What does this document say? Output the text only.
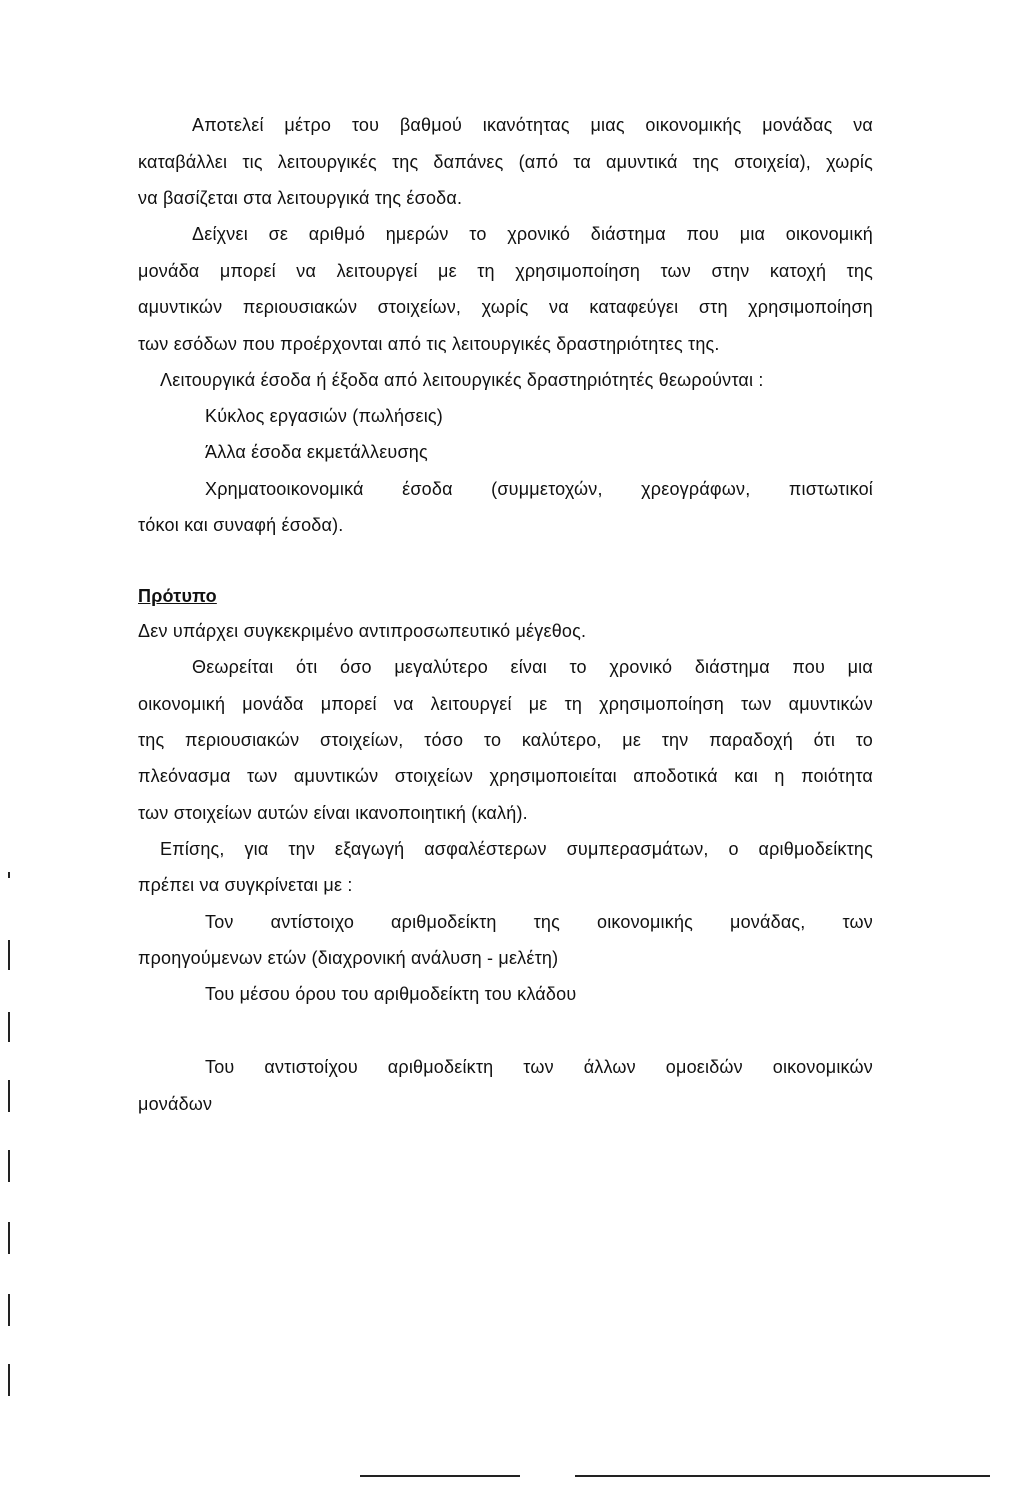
Αποτελεί μέτρο του βαθμού ικανότητας μιας οικονομικής μονάδας να
καταβάλλει τις λειτουργικές της δαπάνες (από τα αμυντικά της στοιχεία), χωρίς
να βασίζεται στα λειτουργικά της έσοδα.
Δείχνει σε αριθμό ημερών το χρονικό διάστημα που μια οικονομική
μονάδα μπορεί να λειτουργεί με τη χρησιμοποίηση των στην κατοχή της
αμυντικών περιουσιακών στοιχείων, χωρίς να καταφεύγει στη χρησιμοποίηση
των εσόδων που προέρχονται από τις λειτουργικές δραστηριότητες της.
Λειτουργικά έσοδα ή έξοδα από λειτουργικές δραστηριότητές θεωρούνται :
Κύκλος εργασιών (πωλήσεις)
Άλλα έσοδα εκμετάλλευσης
Χρηματοοικονομικά έσοδα (συμμετοχών, χρεογράφων, πιστωτικοί
τόκοι και συναφή έσοδα).
Πρότυπο
Δεν υπάρχει συγκεκριμένο αντιπροσωπευτικό μέγεθος.
Θεωρείται ότι όσο μεγαλύτερο είναι το χρονικό διάστημα που μια
οικονομική μονάδα μπορεί να λειτουργεί με τη χρησιμοποίηση των αμυντικών
της περιουσιακών στοιχείων, τόσο το καλύτερο, με την παραδοχή ότι το
πλεόνασμα των αμυντικών στοιχείων χρησιμοποιείται αποδοτικά και η ποιότητα
των στοιχείων αυτών είναι ικανοποιητική (καλή).
Επίσης, για την εξαγωγή ασφαλέστερων συμπερασμάτων, ο αριθμοδείκτης
πρέπει να συγκρίνεται με :
Τον αντίστοιχο αριθμοδείκτη της οικονομικής μονάδας, των
προηγούμενων ετών (διαχρονική ανάλυση - μελέτη)
Του μέσου όρου του αριθμοδείκτη του κλάδου
Του αντιστοίχου αριθμοδείκτη των άλλων ομοειδών οικονομικών
μονάδων
